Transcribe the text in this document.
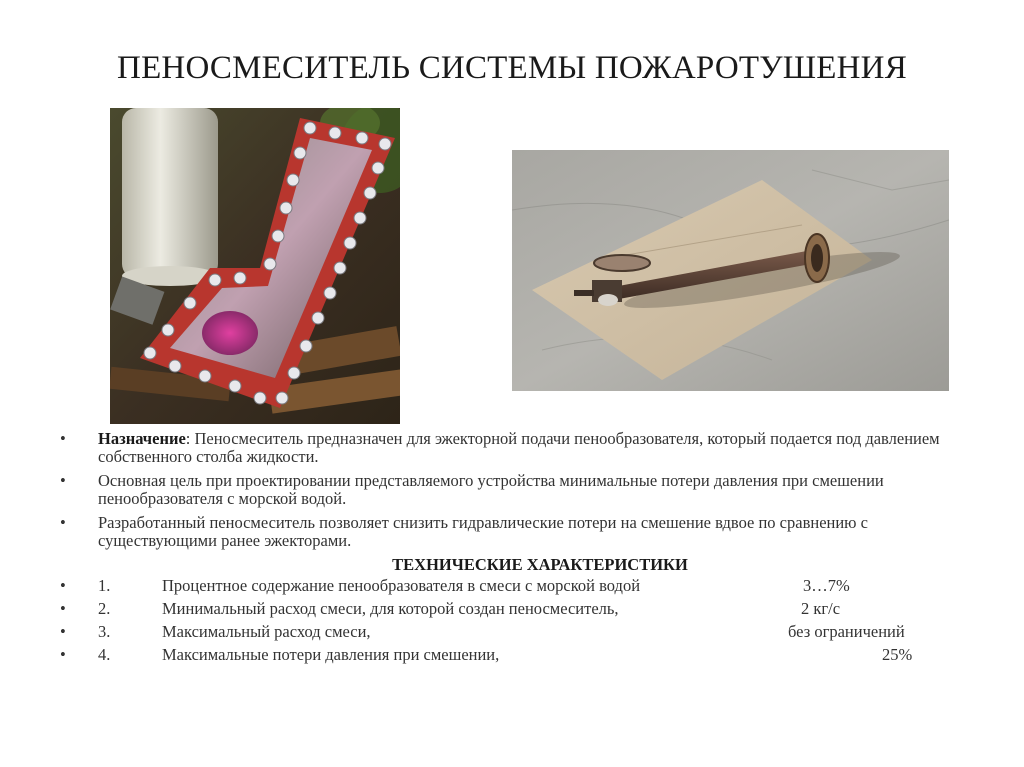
ПЕНОСМЕСИТЕЛЬ СИСТЕМЫ ПОЖАРОТУШЕНИЯ
• Назначение: Пеносмеситель предназначен для эжекторной подачи пенообразователя, который подается под давлением собственного столба жидкости.
• Основная цель при проектировании представляемого устройства минимальные потери давления при смешении пенообразователя с морской водой.
• Разработанный пеносмеситель позволяет снизить гидравлические потери на смешение вдвое по сравнению с существующими ранее эжекторами.
ТЕХНИЧЕСКИЕ ХАРАКТЕРИСТИКИ
• 1.	Процентное содержание пенообразователя в смеси с морской водой	3…7%
• 2.	Минимальный расход смеси, для которой создан пеносмеситель,	2 кг/с
• 3.	Максимальный расход смеси,	без ограничений
• 4.	Максимальные потери давления при смешении,	25%
